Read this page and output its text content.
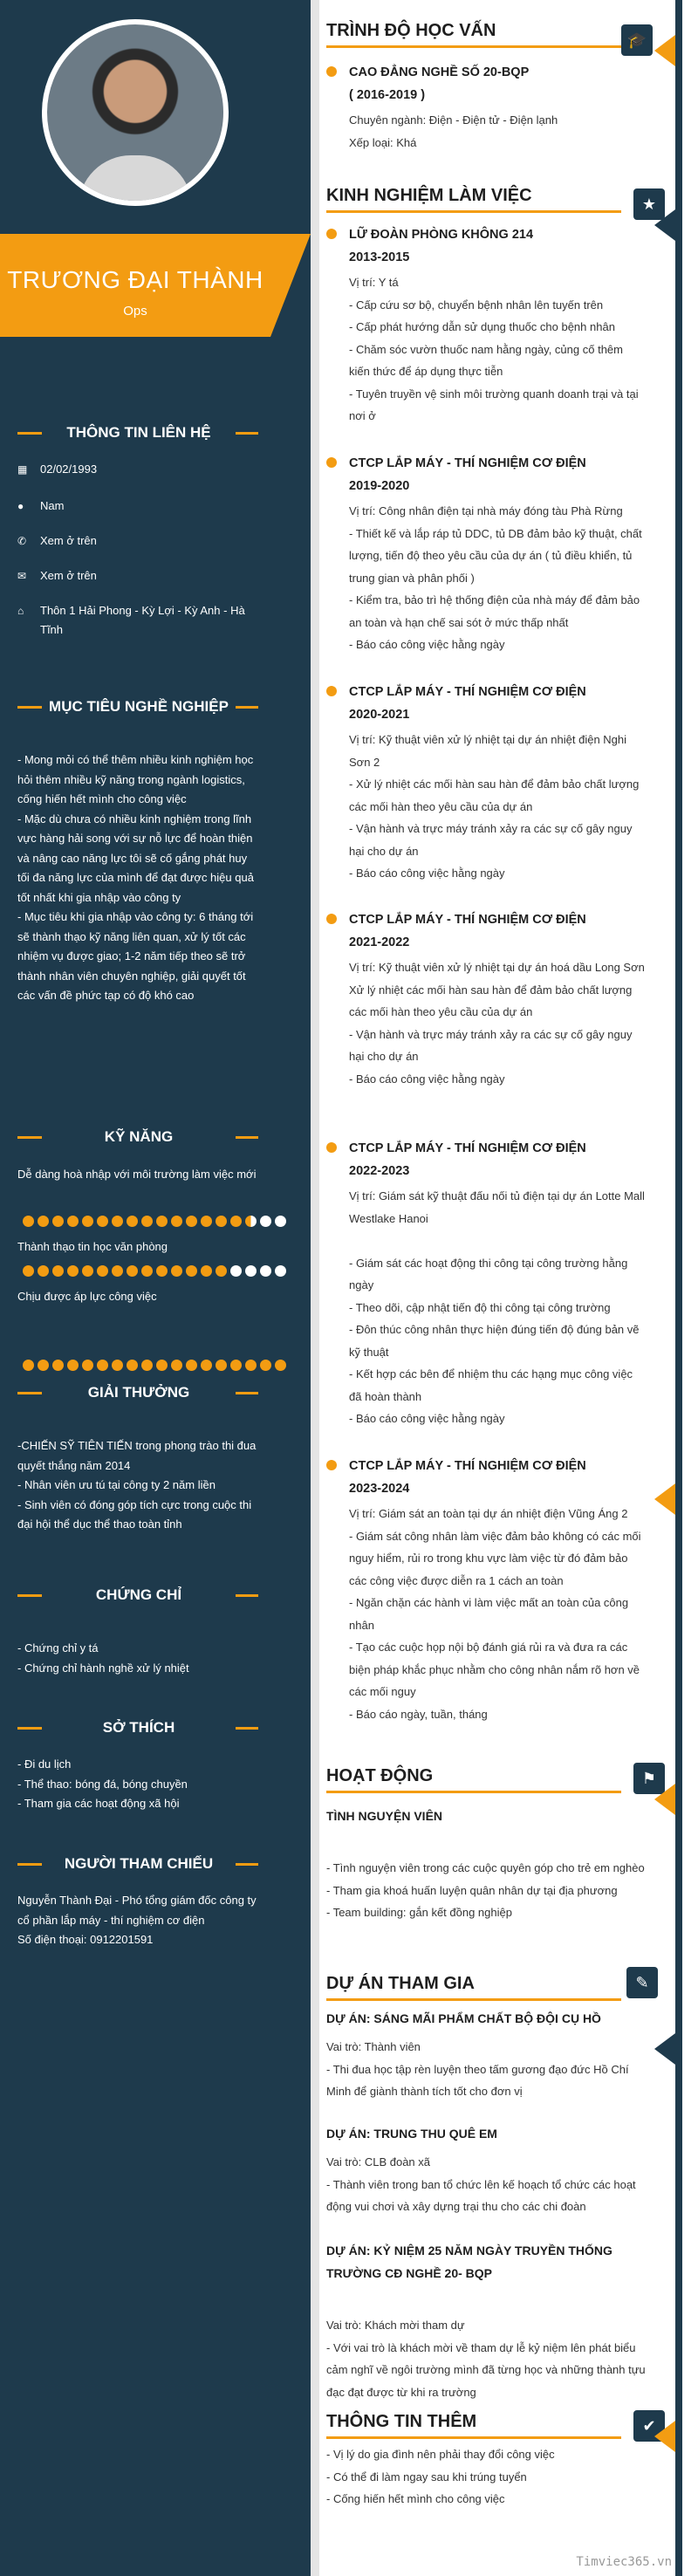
TRƯƠNG ĐẠI THÀNH
Ops
THÔNG TIN LIÊN HỆ
▦	02/02/1993
●	Nam
✆	Xem ở trên
✉	Xem ở trên
⌂	Thôn 1 Hải Phong - Kỳ Lợi - Kỳ Anh - Hà Tĩnh
MỤC TIÊU NGHỀ NGHIỆP
- Mong mỏi có thể thêm nhiều kinh nghiệm học hỏi thêm nhiều kỹ năng trong ngành logistics, cống hiến hết mình cho công việc
- Mặc dù chưa có nhiều kinh nghiệm trong lĩnh vực hàng hải song với sự nỗ lực để hoàn thiện và nâng cao năng lực tôi sẽ cố gắng phát huy tối đa năng lực của mình để đạt được hiệu quả tốt nhất khi gia nhập vào công ty
- Mục tiêu khi gia nhập vào công ty: 6 tháng tới sẽ thành thạo kỹ năng liên quan, xử lý tốt các nhiệm vụ được giao; 1-2 năm tiếp theo sẽ trở thành nhân viên chuyên nghiệp, giải quyết tốt các vấn đề phức tạp có độ khó cao
KỸ NĂNG
Dễ dàng hoà nhập với môi trường làm việc mới
Thành thạo tin học văn phòng
Chịu được áp lực công việc
GIẢI THƯỞNG
-CHIẾN SỸ TIÊN TIẾN trong phong trào thi đua quyết thắng năm 2014
- Nhân viên ưu tú tại công ty 2 năm liền
- Sinh viên có đóng góp tích cực trong cuộc thi đại hội thể dục thể thao toàn tỉnh
CHỨNG CHỈ
- Chứng chỉ y tá
- Chứng chỉ hành nghề xử lý nhiệt
SỞ THÍCH
- Đi du lịch
- Thể thao: bóng đá, bóng chuyền
- Tham gia các hoạt động xã hội
NGƯỜI THAM CHIẾU
Nguyễn Thành Đại - Phó tổng giám đốc công ty cổ phần lắp máy - thí nghiệm cơ điện
Số điện thoại: 0912201591
TRÌNH ĐỘ HỌC VẤN	🎓
CAO ĐẲNG NGHỀ SỐ 20-BQP
( 2016-2019 )
Chuyên ngành: Điện - Điện tử - Điện lạnh
Xếp loại: Khá
KINH NGHIỆM LÀM VIỆC	★
LỮ ĐOÀN PHÒNG KHÔNG 214
2013-2015
Vị trí: Y tá
- Cấp cứu sơ bộ, chuyển bệnh nhân lên tuyến trên
- Cấp phát hướng dẫn sử dụng thuốc cho bệnh nhân
- Chăm sóc vườn thuốc nam hằng ngày, củng cố thêm kiến thức để áp dụng thực tiễn
- Tuyên truyền vệ sinh môi trường quanh doanh trại và tại nơi ở
CTCP LẮP MÁY - THÍ NGHIỆM CƠ ĐIỆN
2019-2020
Vị trí: Công nhân điện tại nhà máy đóng tàu Phà Rừng
- Thiết kế và lắp ráp tủ DDC, tủ DB đảm bảo kỹ thuật, chất lượng, tiến độ theo yêu cầu của dự án ( tủ điều khiển, tủ trung gian và phân phối )
- Kiểm tra, bảo trì hệ thống điện của nhà máy để đảm bảo an toàn và hạn chế sai sót ở mức thấp nhất
- Báo cáo công việc hằng ngày
CTCP LẮP MÁY - THÍ NGHIỆM CƠ ĐIỆN
2020-2021
Vị trí: Kỹ thuật viên xử lý nhiệt tại dự án nhiệt điện Nghi Sơn 2
- Xử lý nhiệt các mối hàn sau hàn để đảm bảo chất lượng các mối hàn theo yêu cầu của dự án
- Vận hành và trực máy tránh xảy ra các sự cố gây nguy hại cho dự án
- Báo cáo công việc hằng ngày
CTCP LẮP MÁY - THÍ NGHIỆM CƠ ĐIỆN
2021-2022
Vị trí: Kỹ thuật viên xử lý nhiệt tại dự án hoá dầu Long Sơn
Xử lý nhiệt các mối hàn sau hàn để đảm bảo chất lượng các mối hàn theo yêu cầu của dự án
- Vận hành và trực máy tránh xảy ra các sự cố gây nguy hại cho dự án
- Báo cáo công việc hằng ngày
CTCP LẮP MÁY - THÍ NGHIỆM CƠ ĐIỆN
2022-2023
Vị trí: Giám sát kỹ thuật đấu nối tủ điện tại dự án Lotte Mall Westlake Hanoi

- Giám sát các hoạt động thi công tại công trường hằng ngày
- Theo dõi, cập nhật tiến độ thi công tại công trường
- Đôn thúc công nhân thực hiện đúng tiến độ đúng bản vẽ kỹ thuật
- Kết hợp các bên để nhiệm thu các hạng mục công việc đã hoàn thành
- Báo cáo công việc hằng ngày
CTCP LẮP MÁY - THÍ NGHIỆM CƠ ĐIỆN
2023-2024
Vị trí: Giám sát an toàn tại dự án nhiệt điện Vũng Áng 2
- Giám sát công nhân làm việc đảm bảo không có các mối nguy hiểm, rủi ro trong khu vực làm việc từ đó đảm bảo các công việc được diễn ra 1 cách an toàn
- Ngăn chặn các hành vi làm việc mất an toàn của công nhân
- Tạo các cuộc họp nội bộ đánh giá rủi ra và đưa ra các biện pháp khắc phục nhằm cho công nhân nắm rõ hơn về các mối nguy
- Báo cáo ngày, tuần, tháng
HOẠT ĐỘNG	⚑
TÌNH NGUYỆN VIÊN
- Tình nguyện viên trong các cuộc quyên góp cho trẻ em nghèo
- Tham gia khoá huấn luyện quân nhân dự tại địa phương
- Team building: gắn kết đồng nghiệp
DỰ ÁN THAM GIA	✎
DỰ ÁN: SÁNG MÃI PHẨM CHẤT BỘ ĐỘI CỤ HỒ
Vai trò: Thành viên
- Thi đua học tập rèn luyện theo tấm gương đạo đức Hồ Chí Minh để giành thành tích tốt cho đơn vị
DỰ ÁN: TRUNG THU QUÊ EM
Vai trò: CLB đoàn xã
- Thành viên trong ban tổ chức lên kế hoạch tổ chức các hoạt động vui chơi và xây dựng trại thu cho các chi đoàn
DỰ ÁN: KỶ NIỆM 25 NĂM NGÀY TRUYỀN THỐNG TRƯỜNG CĐ NGHỀ 20- BQP
Vai trò: Khách mời tham dự
- Với vai trò là khách mời về tham dự lễ kỷ niệm lên phát biểu cảm nghĩ về ngôi trường mình đã từng học và những thành tựu đạc đạt được từ khi ra trường
THÔNG TIN THÊM	✔
- Vị lý do gia đình nên phải thay đổi công việc
- Có thể đi làm ngay sau khi trúng tuyển
- Cống hiến hết mình cho công việc
Timviec365.vn
